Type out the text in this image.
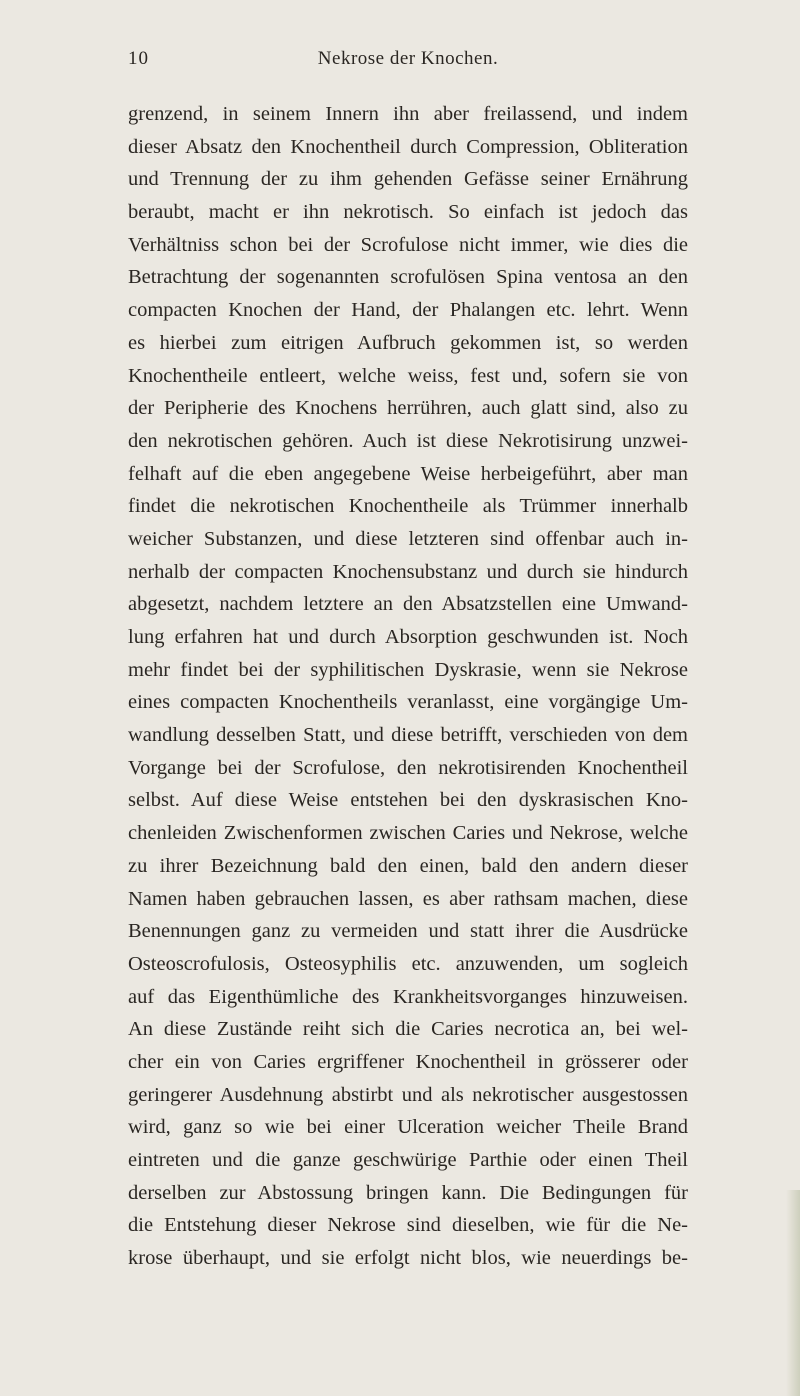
10	Nekrose der Knochen.
grenzend, in seinem Innern ihn aber freilassend, und indem
dieser Absatz den Knochentheil durch Compression, Obliteration
und Trennung der zu ihm gehenden Gefässe seiner Ernährung
beraubt, macht er ihn nekrotisch. So einfach ist jedoch das
Verhältniss schon bei der Scrofulose nicht immer, wie dies die
Betrachtung der sogenannten scrofulösen Spina ventosa an den
compacten Knochen der Hand, der Phalangen etc. lehrt. Wenn
es hierbei zum eitrigen Aufbruch gekommen ist, so werden
Knochentheile entleert, welche weiss, fest und, sofern sie von
der Peripherie des Knochens herrühren, auch glatt sind, also zu
den nekrotischen gehören. Auch ist diese Nekrotisirung unzwei-
felhaft auf die eben angegebene Weise herbeigeführt, aber man
findet die nekrotischen Knochentheile als Trümmer innerhalb
weicher Substanzen, und diese letzteren sind offenbar auch in-
nerhalb der compacten Knochensubstanz und durch sie hindurch
abgesetzt, nachdem letztere an den Absatzstellen eine Umwand-
lung erfahren hat und durch Absorption geschwunden ist. Noch
mehr findet bei der syphilitischen Dyskrasie, wenn sie Nekrose
eines compacten Knochentheils veranlasst, eine vorgängige Um-
wandlung desselben Statt, und diese betrifft, verschieden von dem
Vorgange bei der Scrofulose, den nekrotisirenden Knochentheil
selbst. Auf diese Weise entstehen bei den dyskrasischen Kno-
chenleiden Zwischenformen zwischen Caries und Nekrose, welche
zu ihrer Bezeichnung bald den einen, bald den andern dieser
Namen haben gebrauchen lassen, es aber rathsam machen, diese
Benennungen ganz zu vermeiden und statt ihrer die Ausdrücke
Osteoscrofulosis, Osteosyphilis etc. anzuwenden, um sogleich
auf das Eigenthümliche des Krankheitsvorganges hinzuweisen.
An diese Zustände reiht sich die Caries necrotica an, bei wel-
cher ein von Caries ergriffener Knochentheil in grösserer oder
geringerer Ausdehnung abstirbt und als nekrotischer ausgestossen
wird, ganz so wie bei einer Ulceration weicher Theile Brand
eintreten und die ganze geschwürige Parthie oder einen Theil
derselben zur Abstossung bringen kann. Die Bedingungen für
die Entstehung dieser Nekrose sind dieselben, wie für die Ne-
krose überhaupt, und sie erfolgt nicht blos, wie neuerdings be-
